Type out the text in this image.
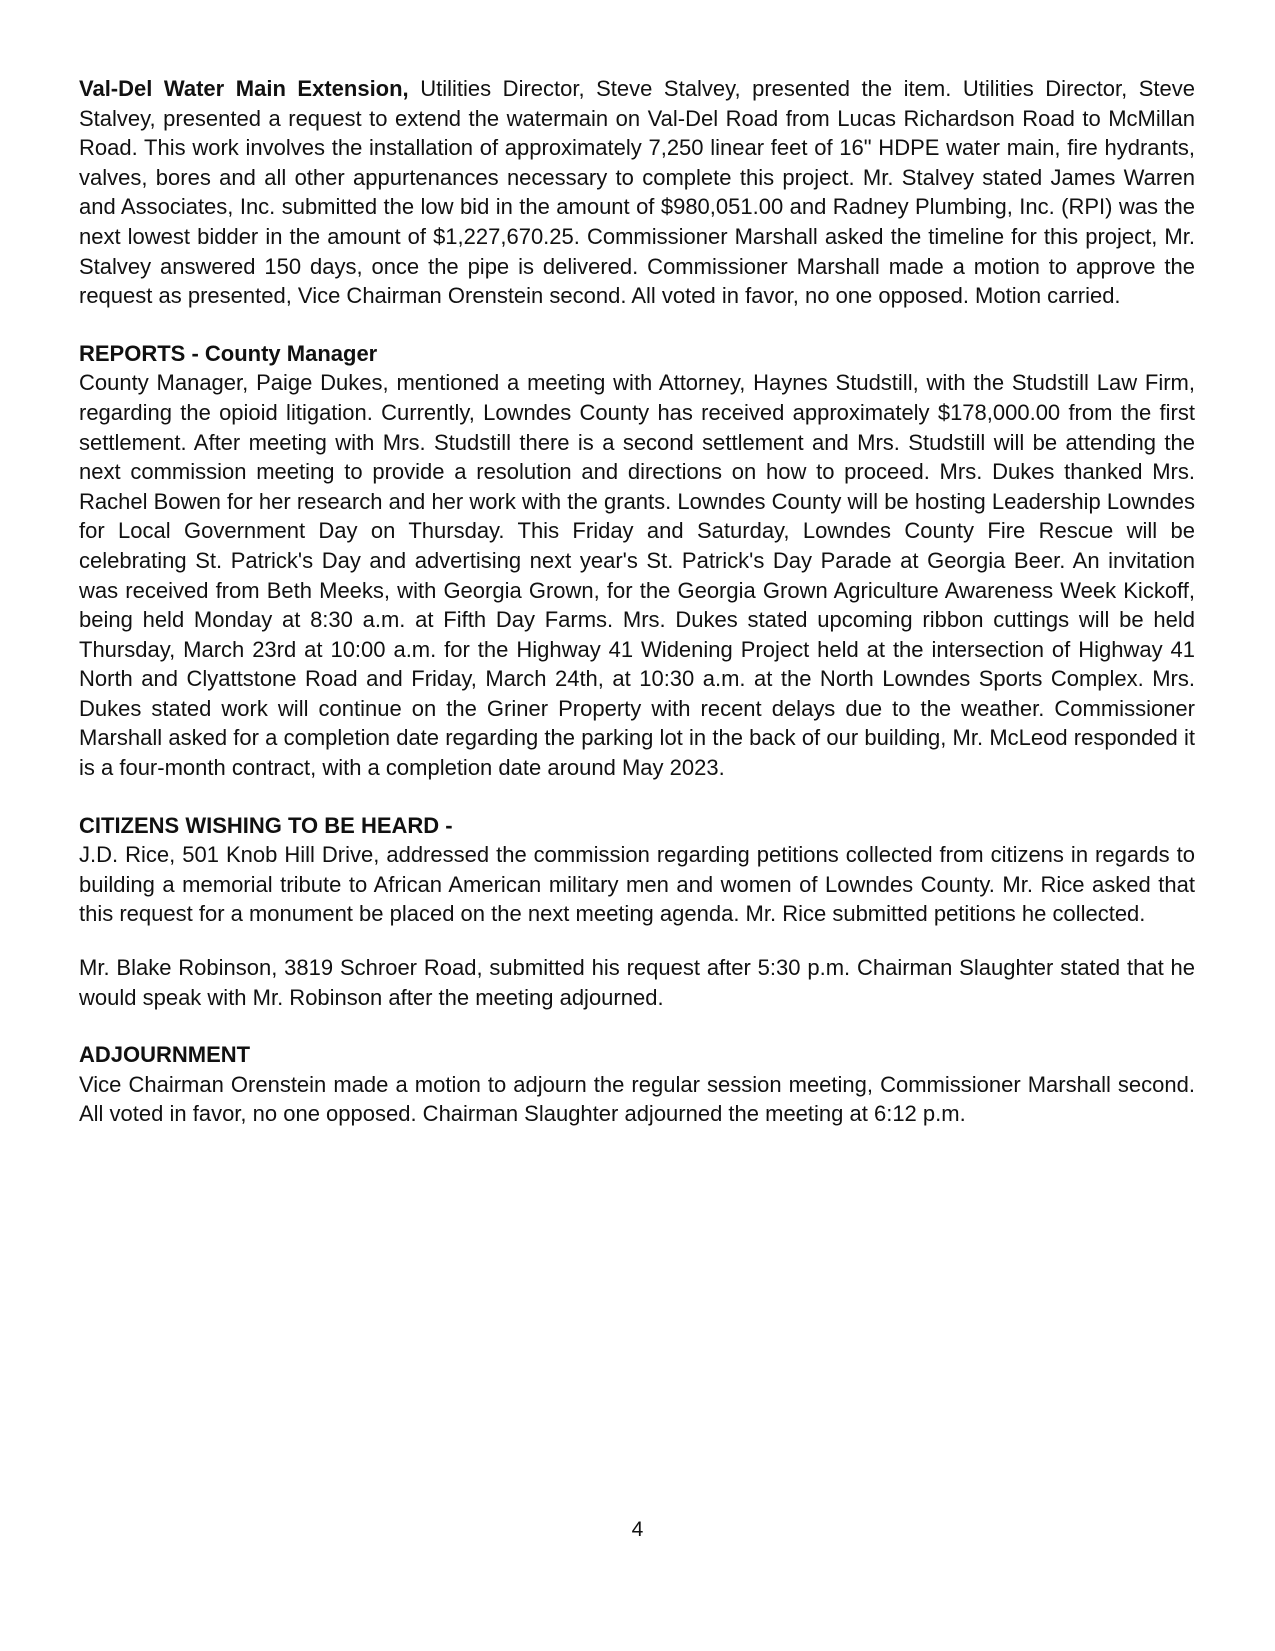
Val-Del Water Main Extension, Utilities Director, Steve Stalvey, presented the item. Utilities Director, Steve Stalvey, presented a request to extend the watermain on Val-Del Road from Lucas Richardson Road to McMillan Road. This work involves the installation of approximately 7,250 linear feet of 16" HDPE water main, fire hydrants, valves, bores and all other appurtenances necessary to complete this project. Mr. Stalvey stated James Warren and Associates, Inc. submitted the low bid in the amount of $980,051.00 and Radney Plumbing, Inc. (RPI) was the next lowest bidder in the amount of $1,227,670.25. Commissioner Marshall asked the timeline for this project, Mr. Stalvey answered 150 days, once the pipe is delivered. Commissioner Marshall made a motion to approve the request as presented, Vice Chairman Orenstein second. All voted in favor, no one opposed. Motion carried.

REPORTS - County Manager

County Manager, Paige Dukes, mentioned a meeting with Attorney, Haynes Studstill, with the Studstill Law Firm, regarding the opioid litigation. Currently, Lowndes County has received approximately $178,000.00 from the first settlement. After meeting with Mrs. Studstill there is a second settlement and Mrs. Studstill will be attending the next commission meeting to provide a resolution and directions on how to proceed. Mrs. Dukes thanked Mrs. Rachel Bowen for her research and her work with the grants. Lowndes County will be hosting Leadership Lowndes for Local Government Day on Thursday. This Friday and Saturday, Lowndes County Fire Rescue will be celebrating St. Patrick's Day and advertising next year's St. Patrick's Day Parade at Georgia Beer. An invitation was received from Beth Meeks, with Georgia Grown, for the Georgia Grown Agriculture Awareness Week Kickoff, being held Monday at 8:30 a.m. at Fifth Day Farms. Mrs. Dukes stated upcoming ribbon cuttings will be held Thursday, March 23rd at 10:00 a.m. for the Highway 41 Widening Project held at the intersection of Highway 41 North and Clyattstone Road and Friday, March 24th, at 10:30 a.m. at the North Lowndes Sports Complex. Mrs. Dukes stated work will continue on the Griner Property with recent delays due to the weather. Commissioner Marshall asked for a completion date regarding the parking lot in the back of our building, Mr. McLeod responded it is a four-month contract, with a completion date around May 2023.

CITIZENS WISHING TO BE HEARD -

J.D. Rice, 501 Knob Hill Drive, addressed the commission regarding petitions collected from citizens in regards to building a memorial tribute to African American military men and women of Lowndes County. Mr. Rice asked that this request for a monument be placed on the next meeting agenda. Mr. Rice submitted petitions he collected.

Mr. Blake Robinson, 3819 Schroer Road, submitted his request after 5:30 p.m. Chairman Slaughter stated that he would speak with Mr. Robinson after the meeting adjourned.

ADJOURNMENT

Vice Chairman Orenstein made a motion to adjourn the regular session meeting, Commissioner Marshall second. All voted in favor, no one opposed. Chairman Slaughter adjourned the meeting at 6:12 p.m.

4
